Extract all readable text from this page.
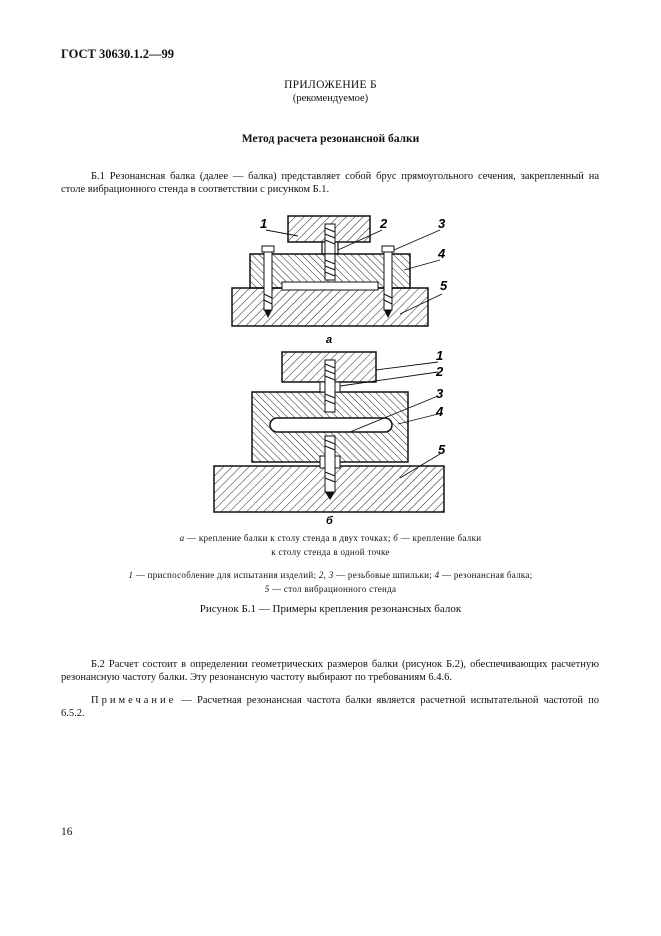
ГОСТ 30630.1.2—99
ПРИЛОЖЕНИЕ Б
(рекомендуемое)
Метод расчета резонансной балки
Б.1 Резонансная балка (далее — балка) представляет собой брус прямоугольного сечения, закрепленный на столе вибрационного стенда в соответствии с рисунком Б.1.
1	2	3
4
5
а
1
2
3
4
5
б
а — крепление балки к столу стенда в двух точках; б — крепление балки
к столу стенда в одной точке
1 — приспособление для испытания изделий; 2, 3 — резьбовые шпильки; 4 — резонансная балка;
5 — стол вибрационного стенда
Рисунок Б.1 — Примеры крепления резонансных балок
Б.2 Расчет состоит в определении геометрических размеров балки (рисунок Б.2), обеспечивающих расчетную резонансную частоту балки. Эту резонансную частоту выбирают по требованиям 6.4.6.
Примечание — Расчетная резонансная частота балки является расчетной испытательной частотой по 6.5.2.
16
